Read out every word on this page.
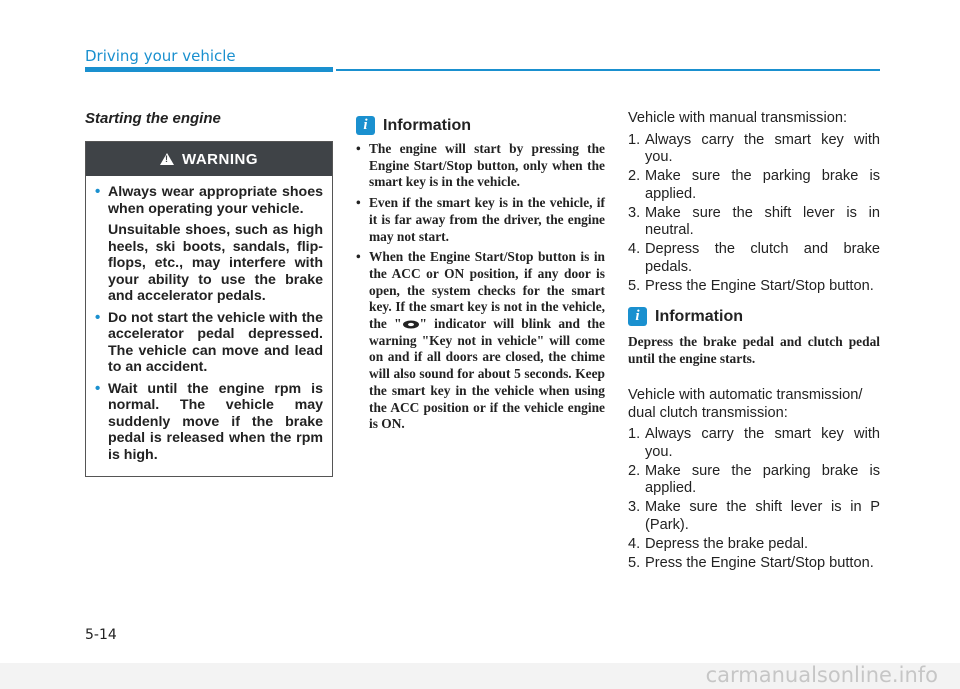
Driving your vehicle
Starting the engine
!
WARNING
• Always wear appropriate shoes when operating your vehicle.

Unsuitable shoes, such as high heels, ski boots, sandals, flip-flops, etc., may interfere with your ability to use the brake and accelerator pedals.

• Do not start the vehicle with the accelerator pedal depressed. The vehicle can move and lead to an accident.

• Wait until the engine rpm is normal. The vehicle may suddenly move if the brake pedal is released when the rpm is high.

i Information
• The engine will start by pressing the Engine Start/Stop button, only when the smart key is in the vehicle.
• Even if the smart key is in the vehicle, if it is far away from the driver, the engine may not start.
• When the Engine Start/Stop button is in the ACC or ON position, if any door is open, the system checks for the smart key. If the smart key is not in the vehicle, the " " indicator will blink and the warning "Key not in vehicle" will come on and if all doors are closed, the chime will also sound for about 5 seconds. Keep the smart key in the vehicle when using the ACC position or if the vehicle engine is ON.

Vehicle with manual transmission:

1. Always carry the smart key with you.
2. Make sure the parking brake is applied.
3. Make sure the shift lever is in neutral.
4. Depress the clutch and brake pedals.
5. Press the Engine Start/Stop button.
i Information

Depress the brake pedal and clutch pedal until the engine starts.

Vehicle with automatic transmission/ dual clutch transmission:

1. Always carry the smart key with you.
2. Make sure the parking brake is applied.
3. Make sure the shift lever is in P (Park).
4. Depress the brake pedal.
5. Press the Engine Start/Stop button.
5-14
carmanualsonline.info
